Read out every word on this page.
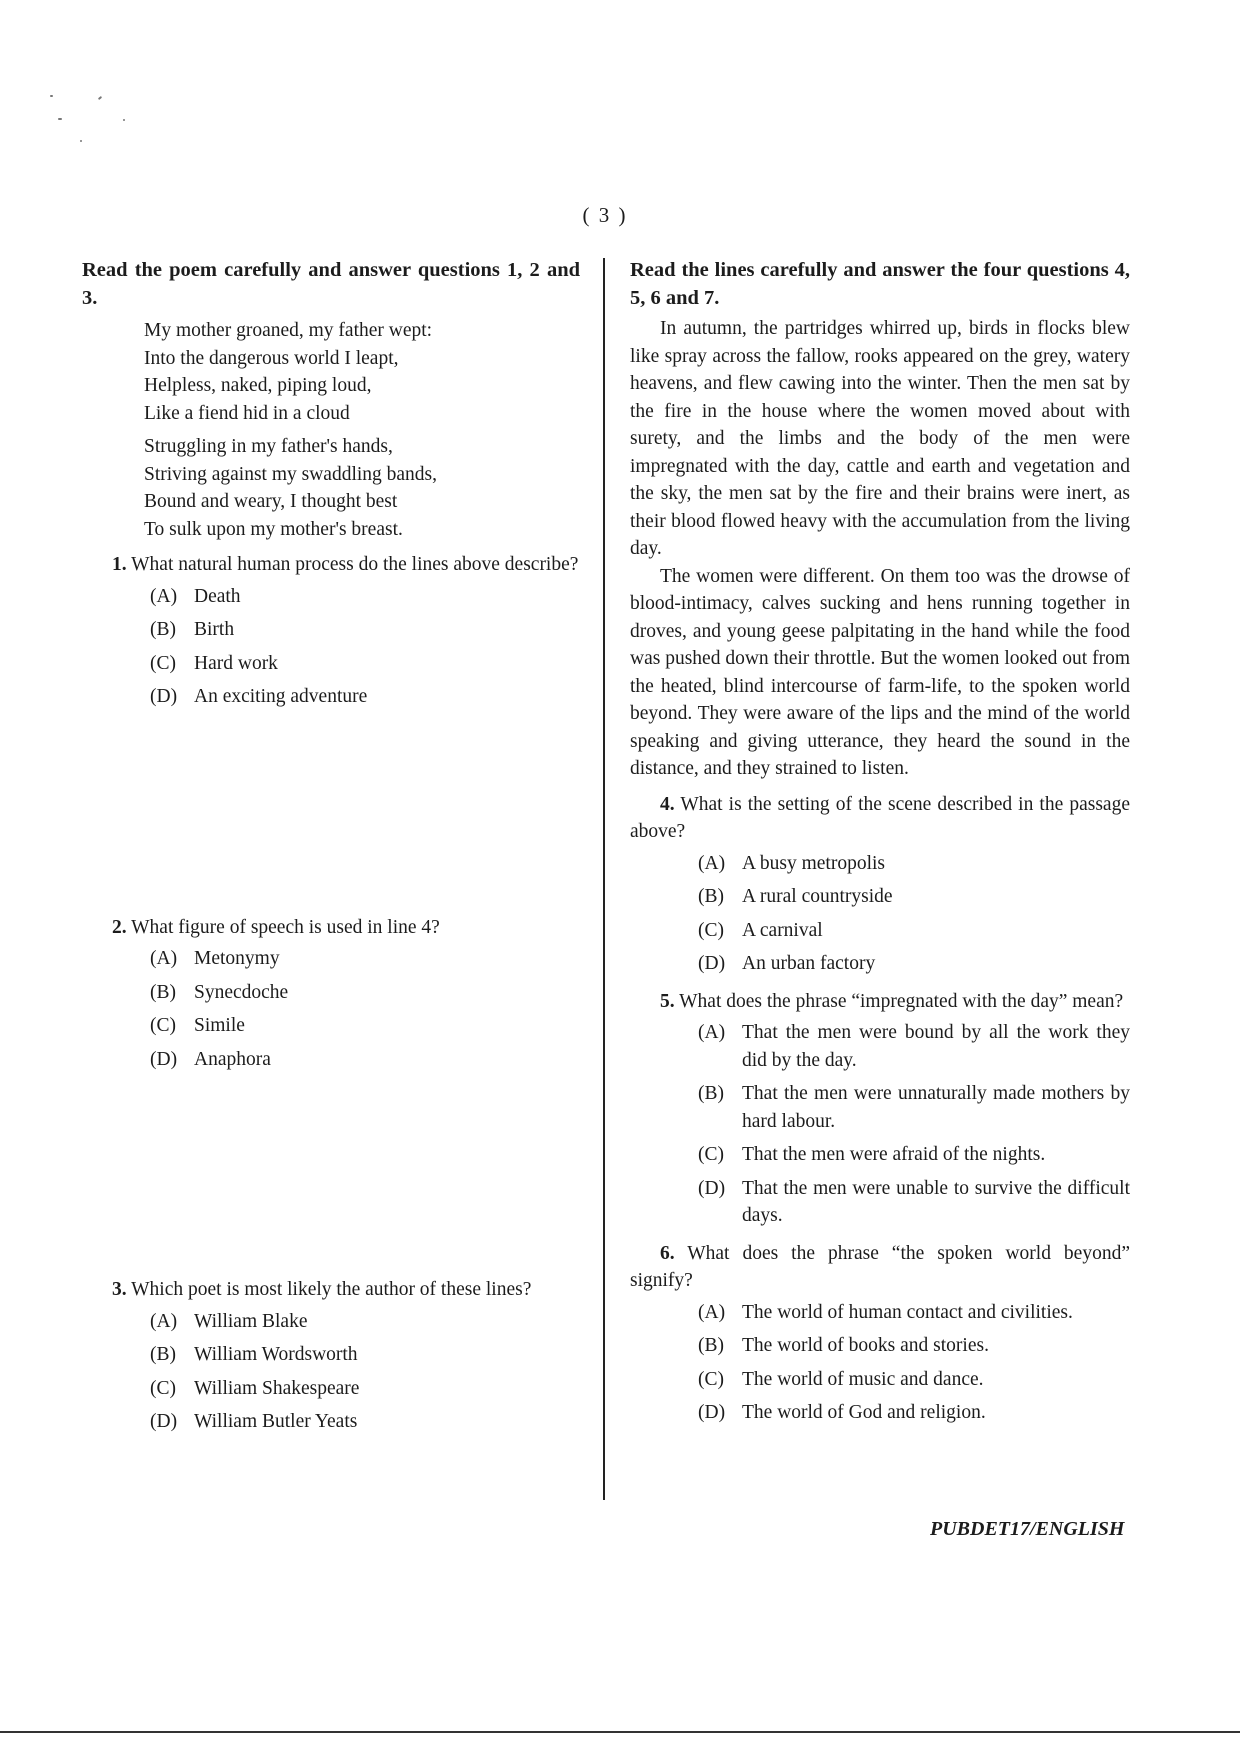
( 3 )
Read the poem carefully and answer questions 1, 2 and 3.
My mother groaned, my father wept:
Into the dangerous world I leapt,
Helpless, naked, piping loud,
Like a fiend hid in a cloud
Struggling in my father's hands,
Striving against my swaddling bands,
Bound and weary, I thought best
To sulk upon my mother's breast.
1. What natural human process do the lines above describe?
(A) Death
(B) Birth
(C) Hard work
(D) An exciting adventure
2. What figure of speech is used in line 4?
(A) Metonymy
(B) Synecdoche
(C) Simile
(D) Anaphora
3. Which poet is most likely the author of these lines?
(A) William Blake
(B) William Wordsworth
(C) William Shakespeare
(D) William Butler Yeats
Read the lines carefully and answer the four questions 4, 5, 6 and 7.
In autumn, the partridges whirred up, birds in flocks blew like spray across the fallow, rooks appeared on the grey, watery heavens, and flew cawing into the winter. Then the men sat by the fire in the house where the women moved about with surety, and the limbs and the body of the men were impregnated with the day, cattle and earth and vegetation and the sky, the men sat by the fire and their brains were inert, as their blood flowed heavy with the accumulation from the living day.
The women were different. On them too was the drowse of blood-intimacy, calves sucking and hens running together in droves, and young geese palpitating in the hand while the food was pushed down their throttle. But the women looked out from the heated, blind intercourse of farm-life, to the spoken world beyond. They were aware of the lips and the mind of the world speaking and giving utterance, they heard the sound in the distance, and they strained to listen.
4. What is the setting of the scene described in the passage above?
(A) A busy metropolis
(B) A rural countryside
(C) A carnival
(D) An urban factory
5. What does the phrase “impregnated with the day” mean?
(A) That the men were bound by all the work they did by the day.
(B) That the men were unnaturally made mothers by hard labour.
(C) That the men were afraid of the nights.
(D) That the men were unable to survive the difficult days.
6. What does the phrase “the spoken world beyond” signify?
(A) The world of human contact and civilities.
(B) The world of books and stories.
(C) The world of music and dance.
(D) The world of God and religion.
PUBDET17/ENGLISH
